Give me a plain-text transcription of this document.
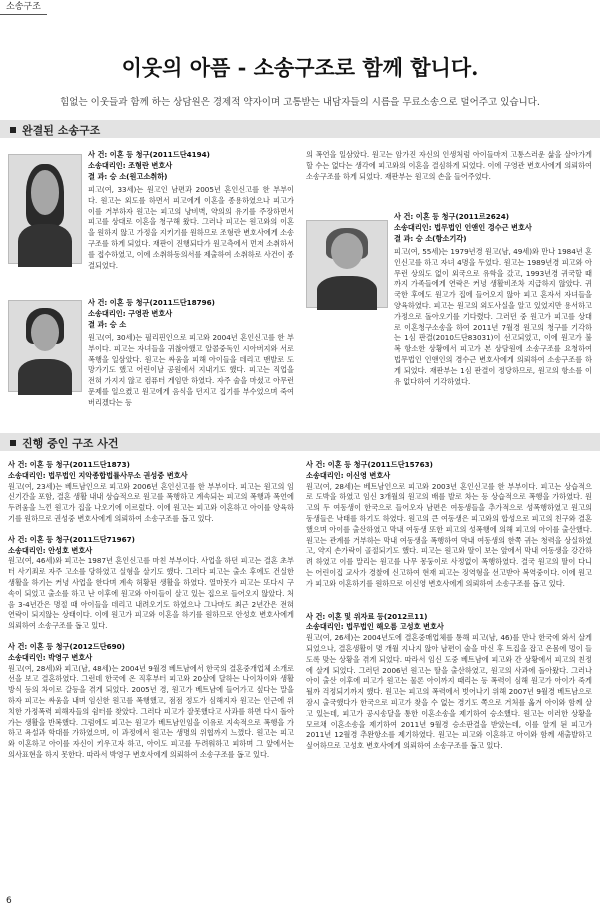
소송구조
이웃의 아픔 - 소송구조로 함께 합니다.
힘없는 이웃들과 함께 하는 상담원은 경제적 약자이며 고통받는 내담자들의 시름을 무료소송으로 덜어주고 있습니다.
완결된 소송구조
사 건: 이혼 등 청구(2011드단4194)
소송대리인: 조형란 변호사
결 과: 승 소(원고소취하)
피고(여, 33세)는 원고인 남편과 2005년 혼인신고를 한 부부이다. 원고는 외도를 하면서 피고에게 이혼을 종용하였으나 피고가 이를 거부하자 원고는 피고의 냥비벽, 약의의 유기를 주장하면서 피고를 상대로 이혼을 청구해 왔다. 그러나 피고는 원고와의 이혼을 원하지 않고 가정을 지키기를 원하므로 조형란 변호사에게 소송구조를 하게 되었다. 재판이 진행되다가 원고측에서 먼저 소취하서를 접수하였고, 이에 소취하동의서를 제출하여 소취하로 사건이 종결되었다.
사 건: 이혼 등 청구(2011드단18796)
소송대리인: 구영관 변호사
결 과: 승 소
원고(여, 30세)는 필리핀인으로 피고와 2004년 혼인신고를 한 부부이다. 피고는 자녀들을 귀찮아했고 알콜중독인 시아버지와 서로 폭행을 일삼았다. 원고는 싸움을 피해 아이들을 데리고 맨발로 도망가기도 했고 어린이날 공원에서 지내기도 했다. 피고는 직업을 전혀 가지지 않고 컴퓨터 게임만 하였다. 자주 술을 마셨고 아무런 문제를 일으켰고 원고에게 음식을 던지고 집기를 부수었으며 죽여버리겠다는 등
의 폭언을 일삼았다. 원고는 암가진 자신의 인생처럼 아이들마저 고통스러운 삶을 살아가게 할 수는 없다는 생각에 피고와의 이혼을 결심하게 되었다. 이에 구영관 변호사에게 의뢰하여 소송구조를 하게 되었다. 재판부는 원고의 손을 들어주었다.
사 건: 이혼 등 청구(2011르2624)
소송대리인: 법무법인 인앤인 경수근 변호사
결 과: 승 소(항소기각)
피고(여, 55세)는 1979년경 원고(남, 49세)와 만나 1984년 혼인신고를 하고 자녀 4명을 두었다. 원고는 1989년경 피고와 아무런 상의도 없이 외국으로 유학을 갔고, 1993년경 귀국할 때까지 가족들에게 연락은 커녕 생활비조차 지급하지 않았다. 귀국한 후에도 원고가 집에 들어오지 않아 피고 혼자서 자녀들을 양육하였다. 피고는 원고의 외도사실을 알고 있었지만 용서하고 가정으로 돌아오기를 기다렸다. 그러던 중 원고가 피고를 상대로 이혼청구소송을 하여 2011년 7월경 원고의 청구를 기각하는 1심 판결(2010드단83031)이 선고되었고, 이에 원고가 불복 항소한 상황에서 피고가 본 상담원에 소송구조를 요청하여 법무법인 인앤인의 경수근 변호사에게 의뢰하여 소송구조를 하게 되었다. 재판부는 1심 판결이 정당하므로, 원고의 항소를 이유 없다하여 기각하였다.
진행 중인 구조 사건
사 건: 이혼 등 청구(2011드단1873)
소송대리인: 법무법인 지악종합법률사무소 권성중 변호사
원고(여, 23세)는 베트남인으로 피고와 2006년 혼인신고를 한 부부이다. 피고는 원고의 임신기간을 포함, 결혼 생활 내내 상습적으로 원고를 폭행하고 계속되는 피고의 폭행과 폭언에 두려움을 느낀 원고가 집을 나오기에 이르렀다. 이에 원고는 피고와 이혼하고 아이를 양육하기를 원하므로 권성중 변호사에게 의뢰하여 소송구조를 돕고 있다.
사 건: 이혼 등 청구(2011드단71967)
소송대리인: 안성호 변호사
원고(여, 46세)와 피고는 1987년 혼인신고를 마친 부부이다. 사업을 하던 피고는 결혼 초부터 사기죄로 자주 고소를 당하였고 실형을 살기도 했다. 그러다 피고는 출소 후에도 건실한 생활을 하기는 커녕 사업을 한다며 계속 허황된 생활을 하였다. 열마못가 피고는 또다시 구속이 되었고 출소를 하고 난 이후에 원고와 아이들이 살고 있는 집으로 들어오지 않았다. 처음 3-4년간은 명절 때 아이들을 데리고 내려오기도 하였으나 그나마도 최근 2년간은 전혀 연락이 되지않는 상태이다. 이에 원고가 피고와 이혼을 하기를 원하므로 안성호 변호사에게 의뢰하여 소송구조를 돕고 있다.
사 건: 이혼 등 청구(2012드단690)
소송대리인: 박영구 변호사
원고(여, 28세)와 피고(남, 48세)는 2004년 9월경 베트남에서 한국의 결혼중개업체 소개로 선을 보고 결혼하였다. 그런데 한국에 온 직후부터 피고와 20살에 달하는 나이차이와 생활방식 등의 차이로 갈등을 겪게 되었다. 2005년 경, 원고가 베트남에 들어가고 싶다는 말을 하자 피고는 싸움을 내며 임신한 원고를 폭행했고, 점점 정도가 심해지자 원고는 인근에 위치한 가정폭력 피해자들의 쉼터를 찾았다. 그러다 피고가 잘못했다고 사과를 하면 다시 돌아가는 생활을 반복했다. 그럼에도 피고는 원고가 베트남인임을 이유로 지속적으로 폭행을 가하고 욕설과 학대를 가하였으며, 이 과정에서 원고는 생명의 위협까지 느꼈다. 원고는 피고와 이혼하고 아이를 자신이 키우고자 하고, 아이도 피고를 두려워하고 피하며 그 앞에서는 의사표현을 하지 못한다. 따라서 박영구 변호사에게 의뢰하여 소송구조를 돕고 있다.
사 건: 이혼 등 청구(2011드단15763)
소송대리인: 이신영 변호사
원고(여, 28세)는 베트남인으로 피고와 2003년 혼인신고를 한 부부이다. 피고는 상습적으로 도박을 하였고 임신 3개월의 원고의 배를 발로 차는 등 상습적으로 폭행을 가하였다. 원고의 두 여동생이 한국으로 들어오자 남편은 여동생들을 추가적으로 성폭행하였고 원고의 동생들은 낙태를 하기도 하였다. 원고의 큰 여동생은 피고와의 합성으로 피고의 친구와 결혼했으며 아이를 출산하였고 막내 여동생 또한 피고의 성폭행에 의해 피고의 아이를 출산했다. 원고는 관계를 거부하는 막내 여동생을 폭행하여 막내 여동생의 한쪽 귀는 청력을 상실하였고, 약지 손가락이 골절되기도 했다. 피고는 원고와 딸이 보는 앞에서 막내 여동생을 강간하려 하였고 이를 말리는 원고를 나무 몽둥이로 사정없이 폭행하였다. 결국 원고의 딸이 다니는 어린이집 교사가 경찰에 신고하여 현재 피고는 징역형을 선고받아 복역중이다. 이에 원고가 피고와 이혼하기를 원하므로 이신영 변호사에게 의뢰하여 소송구조를 돕고 있다.
사 건: 이혼 및 위자료 등(2012르11)
소송대리인: 법무법인 해오름 고성호 변호사
원고(여, 26세)는 2004년도에 결혼중매업체를 통해 피고(남, 46)를 만나 한국에 와서 살게 되었으나, 결혼생활이 몇 개월 지나지 않아 남편이 술을 마신 후 트집을 잡고 온몸에 멍이 들도록 맞는 상황을 겪게 되었다. 따라서 임신 도중 베트남에 피고와 간 상황에서 피고의 친정에 살게 되었다. 그러던 2006년 원고는 딸을 출산하였고, 원고의 사과에 돌아왔다. 그러나 아이 출산 이후에 피고가 원고는 물론 아이까지 때리는 등 폭력이 심해 원고가 아이가 죽게 될까 걱정되기까지 했다. 원고는 피고의 폭력에서 벗어나기 위해 2007년 9월경 베트남으로 잠시 출국했다가 한국으로 피고가 찾을 수 없는 경기도 쪽으로 거처를 옮겨 아이와 함께 살고 있는데, 피고가 공시송달을 통한 이혼소송을 제기하여 승소했다. 원고는 이러한 상황을 모르채 이혼소송을 제기하여 2011년 9월경 승소판결을 받았는데, 이를 알게 된 피고가 2011년 12월경 추완항소를 제기하였다. 원고는 피고와 이혼하고 아이와 함께 새출발하고 싶어하므로 고성호 변호사에게 의뢰하여 소송구조를 돕고 있다.
6
